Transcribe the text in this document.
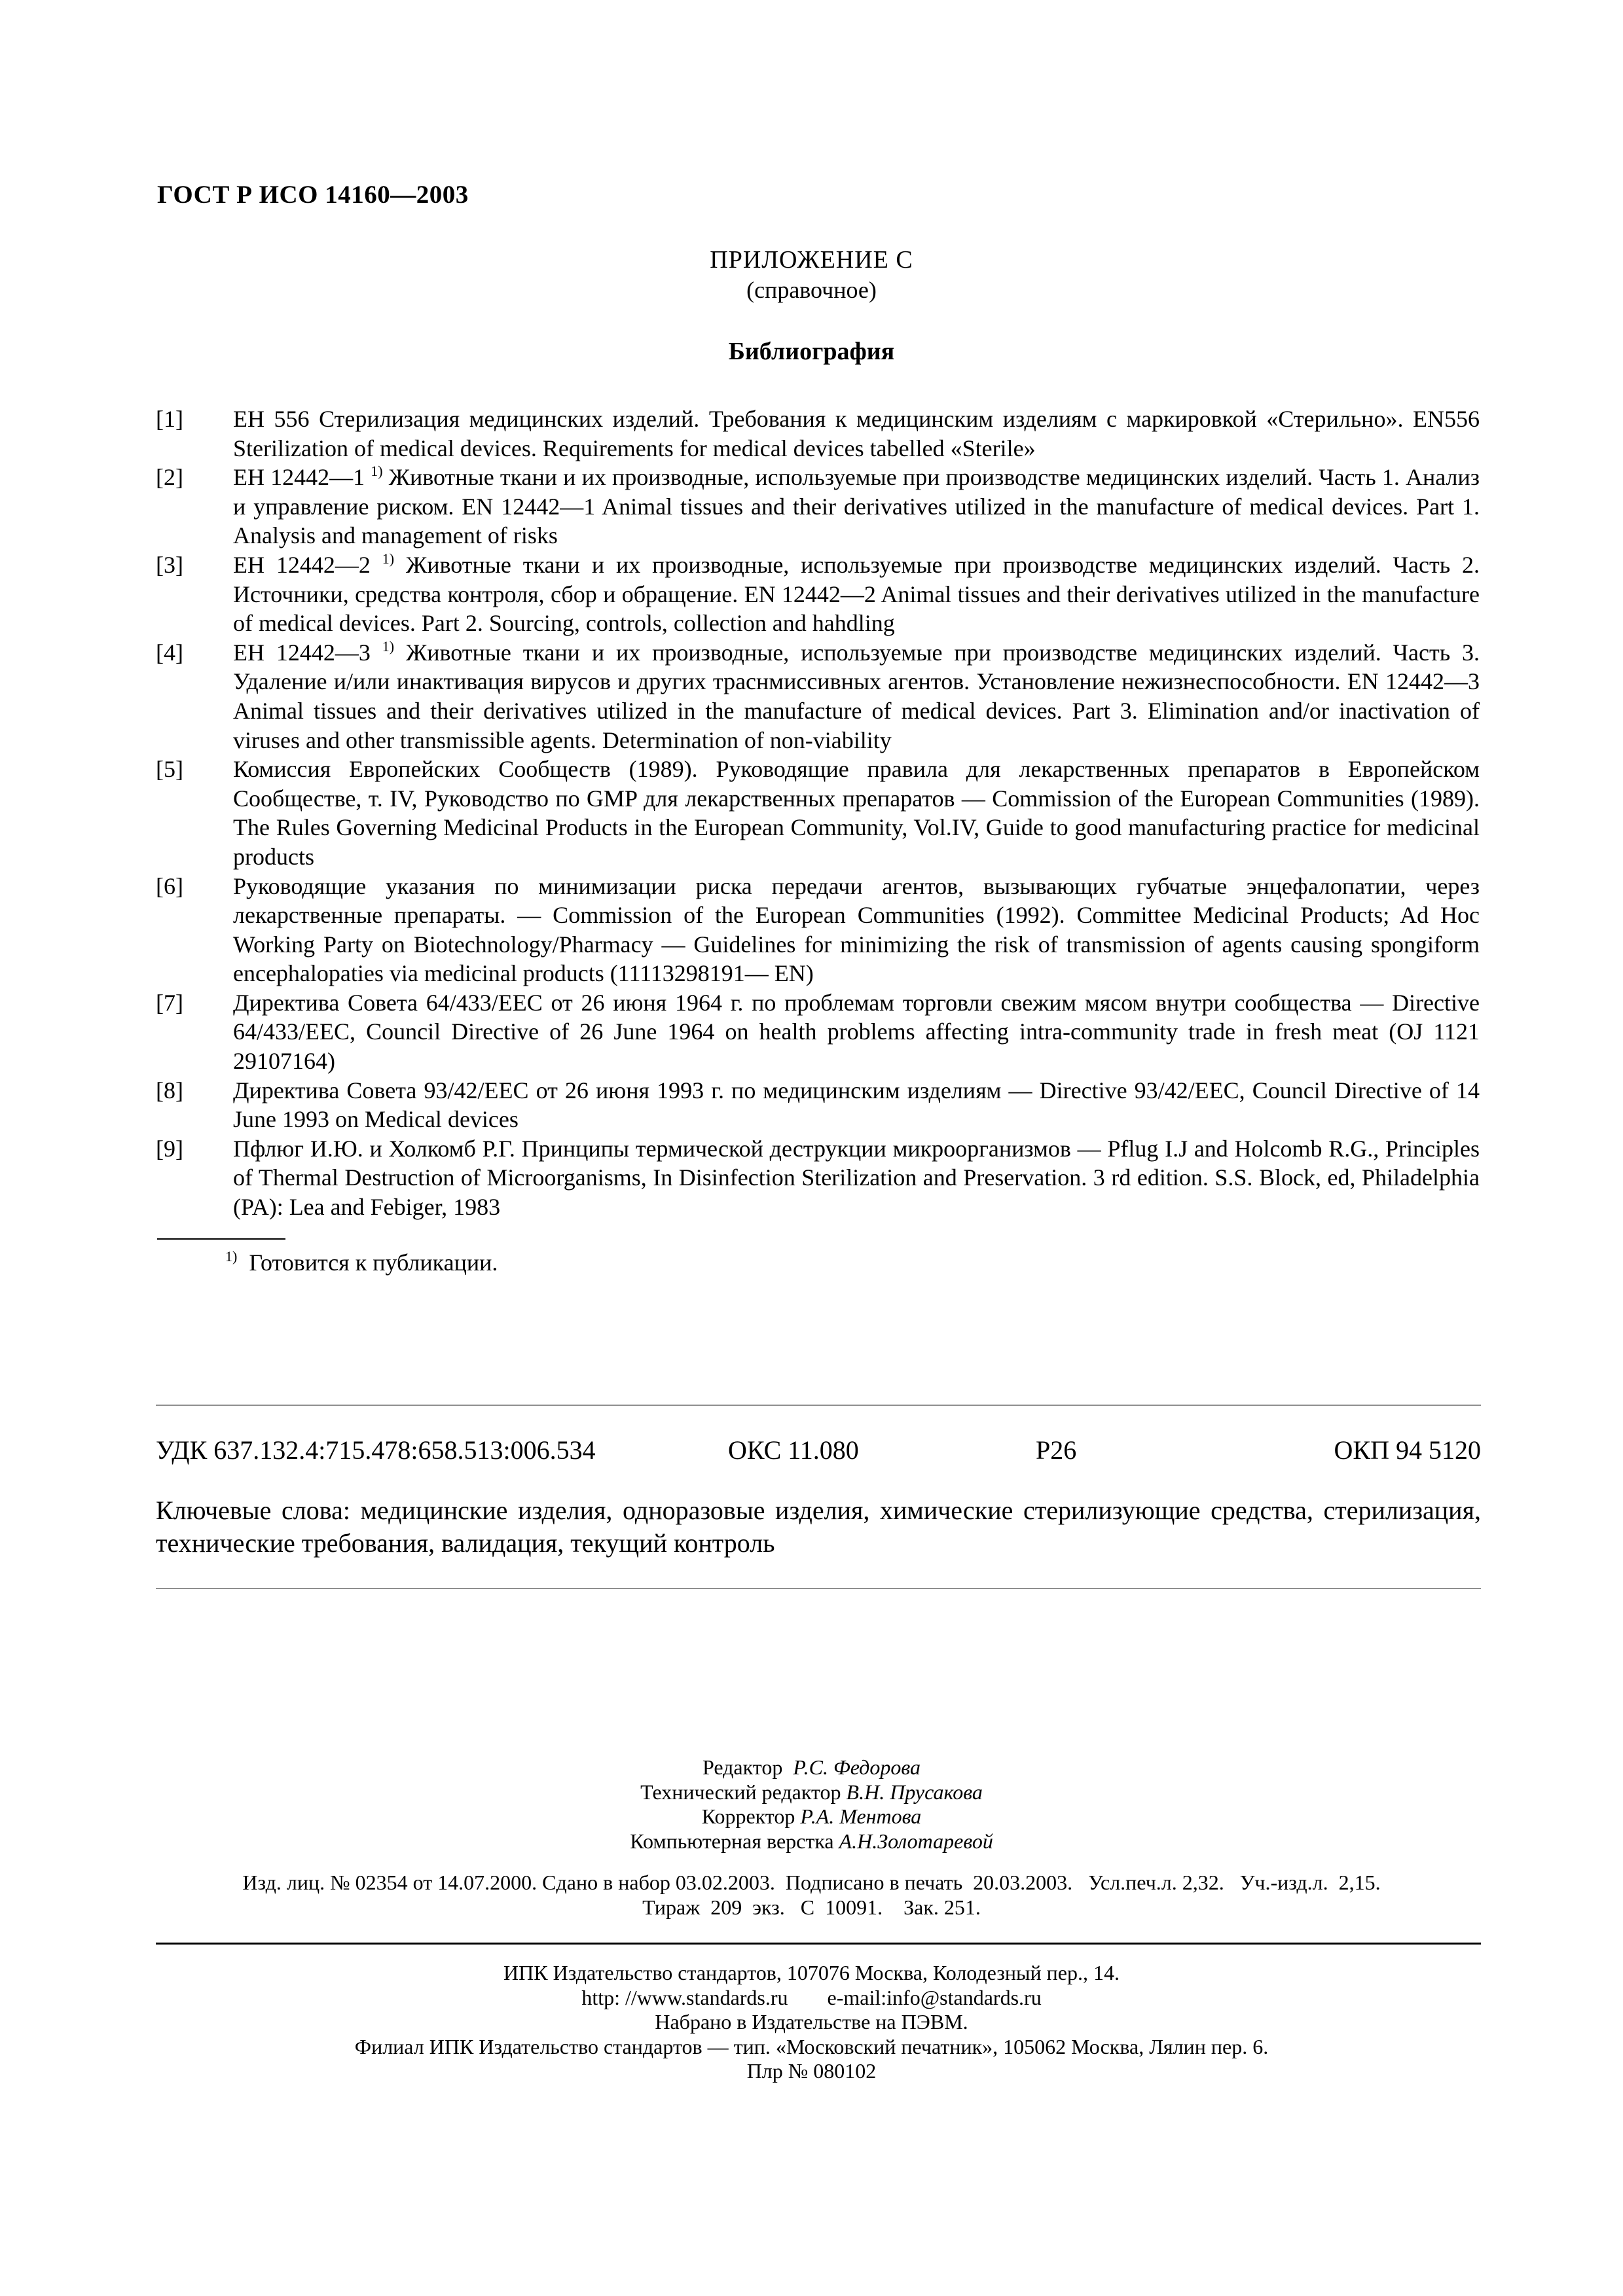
ГОСТ Р ИСО 14160—2003
ПРИЛОЖЕНИЕ С
(справочное)
Библиография
[1]	ЕН 556 Стерилизация медицинских изделий. Требования к медицинским изделиям с маркировкой «Стерильно». EN556 Sterilization of medical devices. Requirements for medical devices tabelled «Sterile»
[2]	ЕН 12442—1 $^{1)}$ Животные ткани и их производные, используемые при производстве медицинских изделий. Часть 1. Анализ и управление риском. EN 12442—1 Animal tissues and their derivatives utilized in the manufacture of medical devices. Part 1. Analysis and management of risks
[3]	ЕН 12442—2 $^{1)}$ Животные ткани и их производные, используемые при производстве медицинских изделий. Часть 2. Источники, средства контроля, сбор и обращение. EN 12442—2 Animal tissues and their derivatives utilized in the manufacture of medical devices. Part 2. Sourcing, controls, collection and hahdling
[4]	ЕН 12442—3 $^{1)}$ Животные ткани и их производные, используемые при производстве медицинских изделий. Часть 3. Удаление и/или инактивация вирусов и других траснмиссивных агентов. Установление нежизнеспособности. EN 12442—3 Animal tissues and their derivatives utilized in the manufacture of medical devices. Part 3. Elimination and/or inactivation of viruses and other transmissible agents. Determination of non-viability
[5]	Комиссия Европейских Сообществ (1989). Руководящие правила для лекарственных препаратов в Европейском Сообществе, т. IV, Руководство по GMP для лекарственных препаратов — Commission of the European Communities (1989). The Rules Governing Medicinal Products in the European Community, Vol.IV, Guide to good manufacturing practice for medicinal products
[6]	Руководящие указания по минимизации риска передачи агентов, вызывающих губчатые энцефалопатии, через лекарственные препараты. — Commission of the European Communities (1992). Committee Medicinal Products; Ad Hoc Working Party on Biotechnology/Pharmacy — Guidelines for minimizing the risk of transmission of agents causing spongiform encephalopaties via medicinal products (11113298191— EN)
[7]	Директива Совета 64/433/ЕЕС от 26 июня 1964 г. по проблемам торговли свежим мясом внутри сообщества — Directive 64/433/EEC, Council Directive of 26 June 1964 on health problems affecting intra-community trade in fresh meat (OJ 1121 29107164)
[8]	Директива Совета 93/42/ЕЕС от 26 июня 1993 г. по медицинским изделиям — Directive 93/42/EEC, Council Directive of 14 June 1993 on Medical devices
[9]	Пфлюг И.Ю. и Холкомб Р.Г. Принципы термической деструкции микроорганизмов — Pflug I.J and Holcomb R.G., Principles of Thermal Destruction of Microorganisms, In Disinfection Sterilization and Preservation. 3 rd edition. S.S. Block, ed, Philadelphia (PA): Lea and Febiger, 1983
$^{1)}$ Готовится к публикации.
УДК 637.132.4:715.478:658.513:006.534	ОКС 11.080	Р26	ОКП 94 5120
Ключевые слова: медицинские изделия, одноразовые изделия, химические стерилизующие средства, стерилизация, технические требования, валидация, текущий контроль
Редактор Р.С. Федорова
Технический редактор В.Н. Прусакова
Корректор Р.А. Ментова
Компьютерная верстка А.Н.Золотаревой
Изд. лиц. № 02354 от 14.07.2000. Сдано в набор 03.02.2003.  Подписано в печать  20.03.2003.   Усл.печ.л. 2,32.   Уч.-изд.л.  2,15.
Тираж  209  экз.   С  10091.    Зак. 251.
ИПК Издательство стандартов, 107076 Москва, Колодезный пер., 14.
http: //www.standards.ru e-mail:info@standards.ru
Набрано в Издательстве на ПЭВМ.
Филиал ИПК Издательство стандартов — тип. «Московский печатник», 105062 Москва, Лялин пер. 6.
Плр № 080102
